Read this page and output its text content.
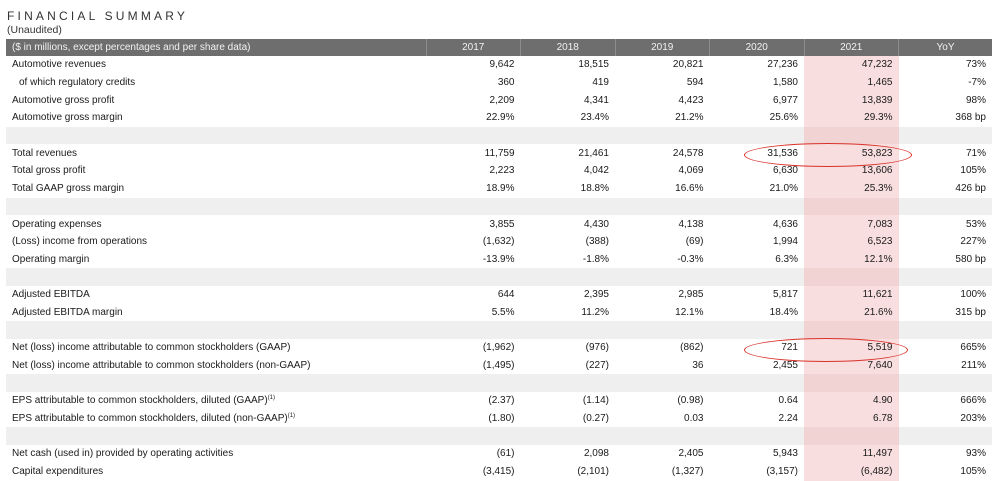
FINANCIAL SUMMARY
(Unaudited)
($ in millions, except percentages and per share data)	2017	2018	2019	2020	2021	YoY
Automotive revenues	9,642	18,515	20,821	27,236	47,232	73%
of which regulatory credits	360	419	594	1,580	1,465	-7%
Automotive gross profit	2,209	4,341	4,423	6,977	13,839	98%
Automotive gross margin	22.9%	23.4%	21.2%	25.6%	29.3%	368 bp

Total revenues	11,759	21,461	24,578	31,536	53,823	71%
Total gross profit	2,223	4,042	4,069	6,630	13,606	105%
Total GAAP gross margin	18.9%	18.8%	16.6%	21.0%	25.3%	426 bp

Operating expenses	3,855	4,430	4,138	4,636	7,083	53%
(Loss) income from operations	(1,632)	(388)	(69)	1,994	6,523	227%
Operating margin	-13.9%	-1.8%	-0.3%	6.3%	12.1%	580 bp

Adjusted EBITDA	644	2,395	2,985	5,817	11,621	100%
Adjusted EBITDA margin	5.5%	11.2%	12.1%	18.4%	21.6%	315 bp

Net (loss) income attributable to common stockholders (GAAP)	(1,962)	(976)	(862)	721	5,519	665%
Net (loss) income attributable to common stockholders (non-GAAP)	(1,495)	(227)	36	2,455	7,640	211%

EPS attributable to common stockholders, diluted (GAAP)$^{(1)}$	(2.37)	(1.14)	(0.98)	0.64	4.90	666%
EPS attributable to common stockholders, diluted (non-GAAP)$^{(1)}$	(1.80)	(0.27)	0.03	2.24	6.78	203%

Net cash (used in) provided by operating activities	(61)	2,098	2,405	5,943	11,497	93%
Capital expenditures	(3,415)	(2,101)	(1,327)	(3,157)	(6,482)	105%
